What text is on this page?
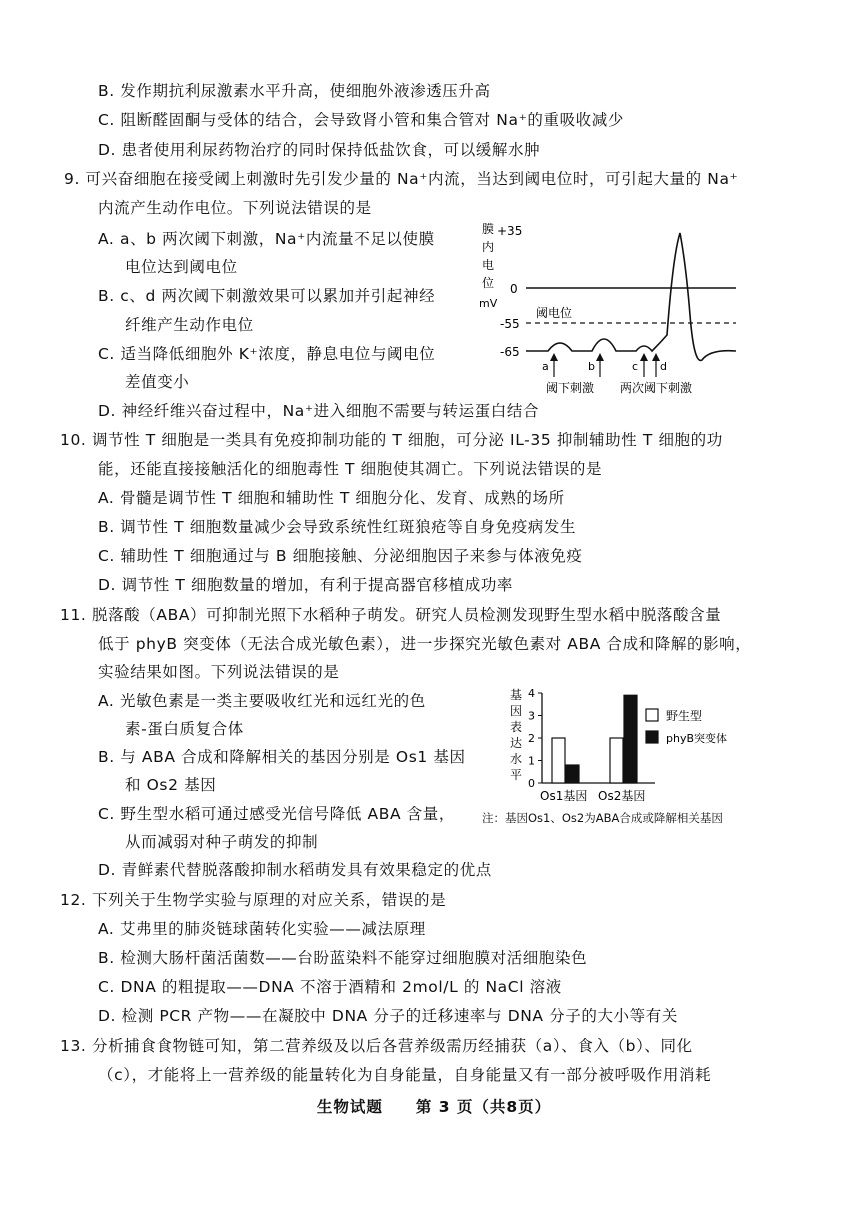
B. 发作期抗利尿激素水平升高，使细胞外液渗透压升高
C. 阻断醛固酮与受体的结合，会导致肾小管和集合管对 Na⁺的重吸收减少
D. 患者使用利尿药物治疗的同时保持低盐饮食，可以缓解水肿
9. 可兴奋细胞在接受阈上刺激时先引发少量的 Na⁺内流，当达到阈电位时，可引起大量的 Na⁺
内流产生动作电位。下列说法错误的是
A. a、b 两次阈下刺激，Na⁺内流量不足以使膜
电位达到阈电位
B. c、d 两次阈下刺激效果可以累加并引起神经
纤维产生动作电位
C. 适当降低细胞外 K⁺浓度，静息电位与阈电位
差值变小
D. 神经纤维兴奋过程中，Na⁺进入细胞不需要与转运蛋白结合
膜
内
电
位
mV
+35
0
-55
-65
阈电位
a	b	c d
阈下刺激 两次阈下刺激
10. 调节性 T 细胞是一类具有免疫抑制功能的 T 细胞，可分泌 IL-35 抑制辅助性 T 细胞的功
能，还能直接接触活化的细胞毒性 T 细胞使其凋亡。下列说法错误的是
A. 骨髓是调节性 T 细胞和辅助性 T 细胞分化、发育、成熟的场所
B. 调节性 T 细胞数量减少会导致系统性红斑狼疮等自身免疫病发生
C. 辅助性 T 细胞通过与 B 细胞接触、分泌细胞因子来参与体液免疫
D. 调节性 T 细胞数量的增加，有利于提高器官移植成功率
11. 脱落酸（ABA）可抑制光照下水稻种子萌发。研究人员检测发现野生型水稻中脱落酸含量
低于 phyB 突变体（无法合成光敏色素），进一步探究光敏色素对 ABA 合成和降解的影响，
实验结果如图。下列说法错误的是
A. 光敏色素是一类主要吸收红光和远红光的色
素-蛋白质复合体
B. 与 ABA 合成和降解相关的基因分别是 Os1 基因
和 Os2 基因
C. 野生型水稻可通过感受光信号降低 ABA 含量，
从而减弱对种子萌发的抑制
D. 青鲜素代替脱落酸抑制水稻萌发具有效果稳定的优点
基
因
表
达
水
平
0
1
2
3
4
Os1基因 Os2基因
野生型
phyB突变体
注：基因Os1、Os2为ABA合成或降解相关基因
12. 下列关于生物学实验与原理的对应关系，错误的是
A. 艾弗里的肺炎链球菌转化实验——减法原理
B. 检测大肠杆菌活菌数——台盼蓝染料不能穿过细胞膜对活细胞染色
C. DNA 的粗提取——DNA 不溶于酒精和 2mol/L 的 NaCl 溶液
D. 检测 PCR 产物——在凝胶中 DNA 分子的迁移速率与 DNA 分子的大小等有关
13. 分析捕食食物链可知，第二营养级及以后各营养级需历经捕获（a）、食入（b）、同化
（c），才能将上一营养级的能量转化为自身能量，自身能量又有一部分被呼吸作用消耗
生物试题　　第 3 页（共8页）
